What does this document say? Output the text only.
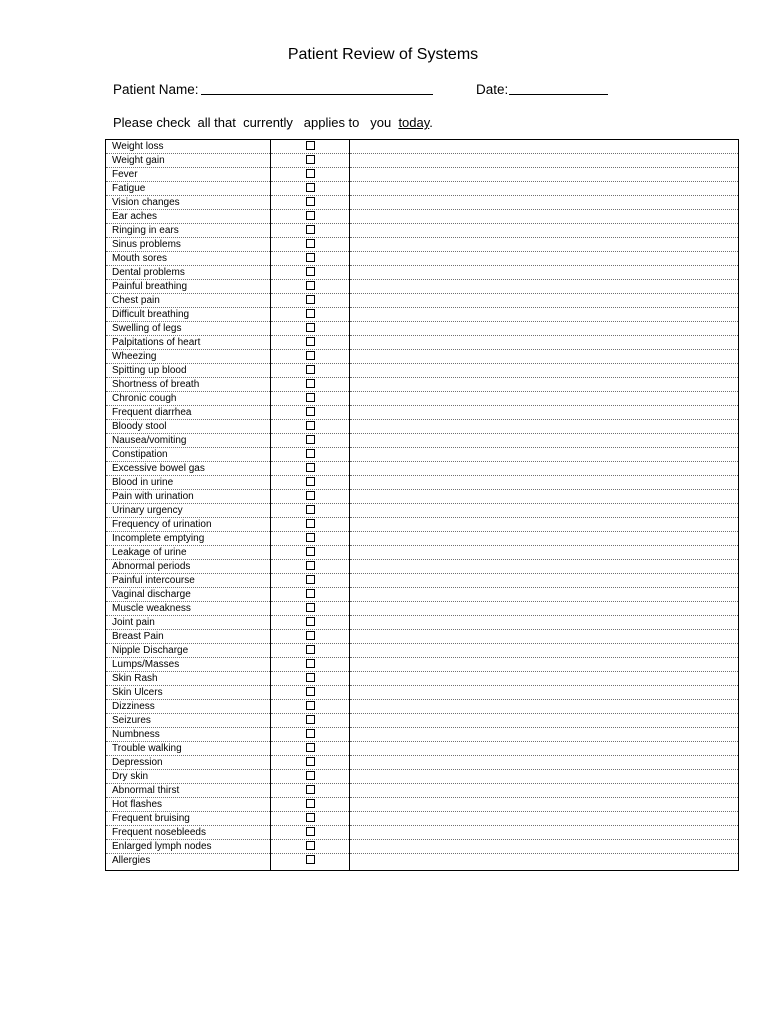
Patient Review of Systems
Patient Name:	Date:
Please check  all that  currently   applies to   you  today.
Weight loss		
Weight gain		
Fever		
Fatigue		
Vision changes		
Ear aches		
Ringing in ears		
Sinus problems		
Mouth sores		
Dental problems		
Painful breathing		
Chest pain		
Difficult breathing		
Swelling of legs		
Palpitations of heart		
Wheezing		
Spitting up blood		
Shortness of breath		
Chronic cough		
Frequent diarrhea		
Bloody stool		
Nausea/vomiting		
Constipation		
Excessive bowel gas		
Blood in urine		
Pain with urination		
Urinary urgency		
Frequency of urination		
Incomplete emptying		
Leakage of urine		
Abnormal periods		
Painful intercourse		
Vaginal discharge		
Muscle weakness		
Joint pain		
Breast Pain		
Nipple Discharge		
Lumps/Masses		
Skin Rash		
Skin Ulcers		
Dizziness		
Seizures		
Numbness		
Trouble walking		
Depression		
Dry skin		
Abnormal thirst		
Hot flashes		
Frequent bruising		
Frequent nosebleeds		
Enlarged lymph nodes		
Allergies		
